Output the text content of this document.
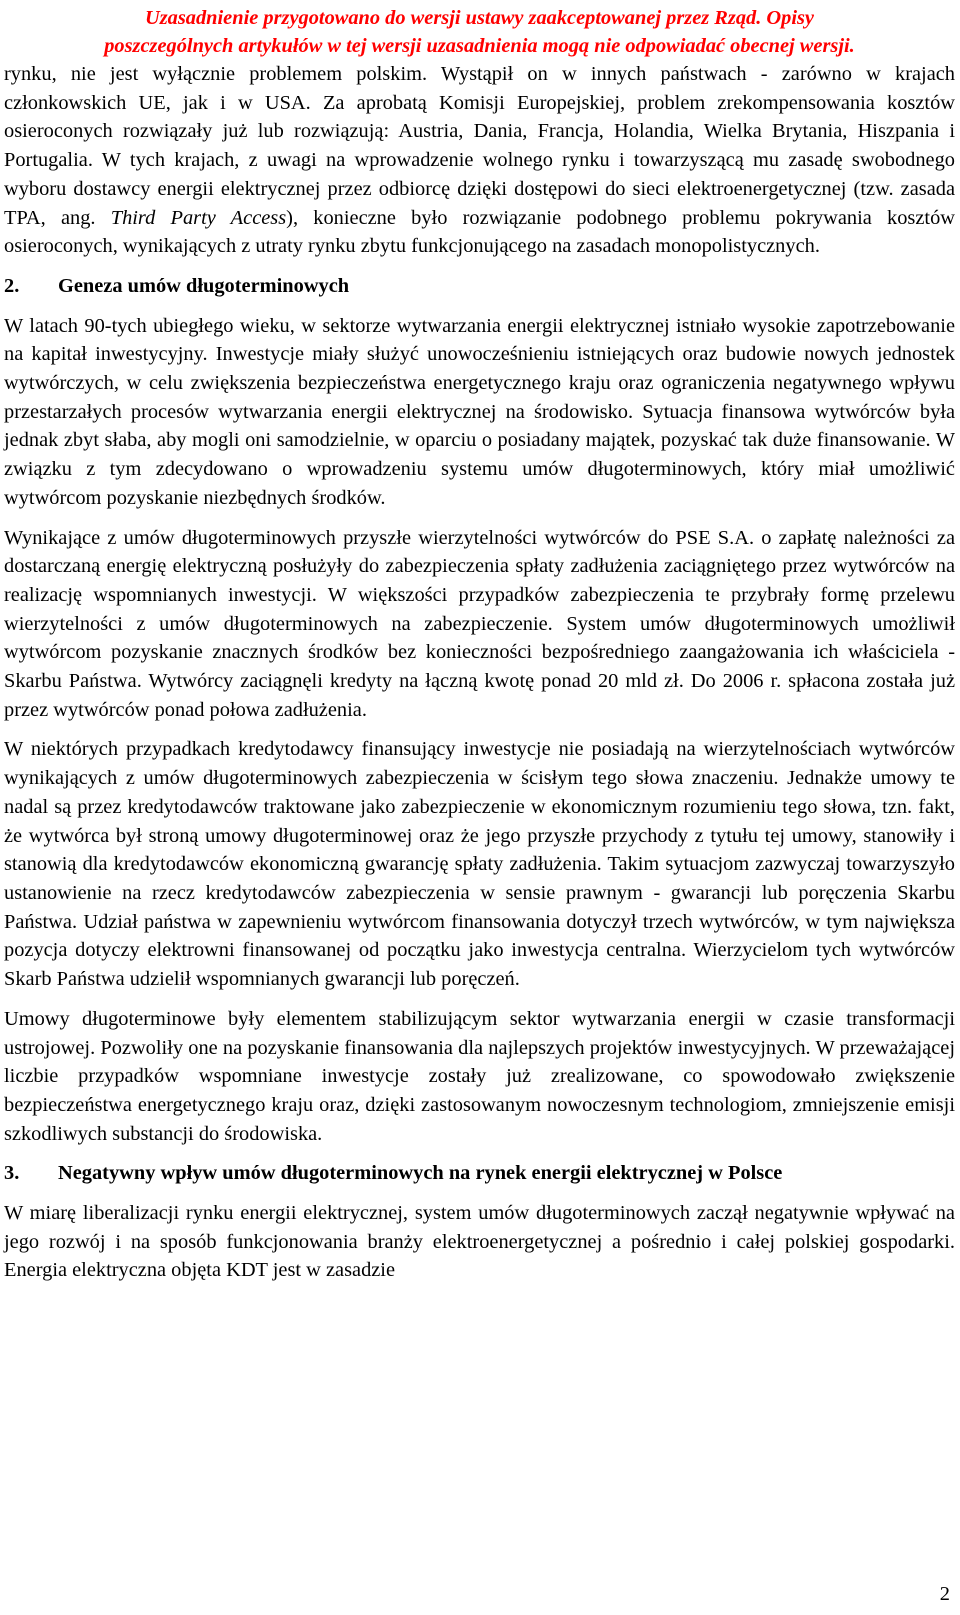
Uzasadnienie przygotowano do wersji ustawy zaakceptowanej przez Rząd. Opisy
poszczególnych artykułów w tej wersji uzasadnienia mogą nie odpowiadać obecnej wersji.

rynku, nie jest wyłącznie problemem polskim. Wystąpił on w innych państwach - zarówno w krajach członkowskich UE, jak i w USA. Za aprobatą Komisji Europejskiej, problem zrekompensowania kosztów osieroconych rozwiązały już lub rozwiązują: Austria, Dania, Francja, Holandia, Wielka Brytania, Hiszpania i Portugalia. W tych krajach, z uwagi na wprowadzenie wolnego rynku i towarzyszącą mu zasadę swobodnego wyboru dostawcy energii elektrycznej przez odbiorcę dzięki dostępowi do sieci elektroenergetycznej (tzw. zasada TPA, ang. Third Party Access), konieczne było rozwiązanie podobnego problemu pokrywania kosztów osieroconych, wynikających z utraty rynku zbytu funkcjonującego na zasadach monopolistycznych.

2.	Geneza umów długoterminowych

W latach 90-tych ubiegłego wieku, w sektorze wytwarzania energii elektrycznej istniało wysokie zapotrzebowanie na kapitał inwestycyjny. Inwestycje miały służyć unowocześnieniu istniejących oraz budowie nowych jednostek wytwórczych, w celu zwiększenia bezpieczeństwa energetycznego kraju oraz ograniczenia negatywnego wpływu przestarzałych procesów wytwarzania energii elektrycznej na środowisko. Sytuacja finansowa wytwórców była jednak zbyt słaba, aby mogli oni samodzielnie, w oparciu o posiadany majątek, pozyskać tak duże finansowanie. W związku z tym zdecydowano o wprowadzeniu systemu umów długoterminowych, który miał umożliwić wytwórcom pozyskanie niezbędnych środków.

Wynikające z umów długoterminowych przyszłe wierzytelności wytwórców do PSE S.A. o zapłatę należności za dostarczaną energię elektryczną posłużyły do zabezpieczenia spłaty zadłużenia zaciągniętego przez wytwórców na realizację wspomnianych inwestycji. W większości przypadków zabezpieczenia te przybrały formę przelewu wierzytelności z umów długoterminowych na zabezpieczenie. System umów długoterminowych umożliwił wytwórcom pozyskanie znacznych środków bez konieczności bezpośredniego zaangażowania ich właściciela - Skarbu Państwa. Wytwórcy zaciągnęli kredyty na łączną kwotę ponad 20 mld zł. Do 2006 r. spłacona została już przez wytwórców ponad połowa zadłużenia.

W niektórych przypadkach kredytodawcy finansujący inwestycje nie posiadają na wierzytelnościach wytwórców wynikających z umów długoterminowych zabezpieczenia w ścisłym tego słowa znaczeniu. Jednakże umowy te nadal są przez kredytodawców traktowane jako zabezpieczenie w ekonomicznym rozumieniu tego słowa, tzn. fakt, że wytwórca był stroną umowy długoterminowej oraz że jego przyszłe przychody z tytułu tej umowy, stanowiły i stanowią dla kredytodawców ekonomiczną gwarancję spłaty zadłużenia. Takim sytuacjom zazwyczaj towarzyszyło ustanowienie na rzecz kredytodawców zabezpieczenia w sensie prawnym - gwarancji lub poręczenia Skarbu Państwa. Udział państwa w zapewnieniu wytwórcom finansowania dotyczył trzech wytwórców, w tym największa pozycja dotyczy elektrowni finansowanej od początku jako inwestycja centralna. Wierzycielom tych wytwórców Skarb Państwa udzielił wspomnianych gwarancji lub poręczeń.

Umowy długoterminowe były elementem stabilizującym sektor wytwarzania energii w czasie transformacji ustrojowej. Pozwoliły one na pozyskanie finansowania dla najlepszych projektów inwestycyjnych. W przeważającej liczbie przypadków wspomniane inwestycje zostały już zrealizowane, co spowodowało zwiększenie bezpieczeństwa energetycznego kraju oraz, dzięki zastosowanym nowoczesnym technologiom, zmniejszenie emisji szkodliwych substancji do środowiska.

3.	Negatywny wpływ umów długoterminowych na rynek energii elektrycznej w Polsce

W miarę liberalizacji rynku energii elektrycznej, system umów długoterminowych zaczął negatywnie wpływać na jego rozwój i na sposób funkcjonowania branży elektroenergetycznej a pośrednio i całej polskiej gospodarki. Energia elektryczna objęta KDT jest w zasadzie

2
